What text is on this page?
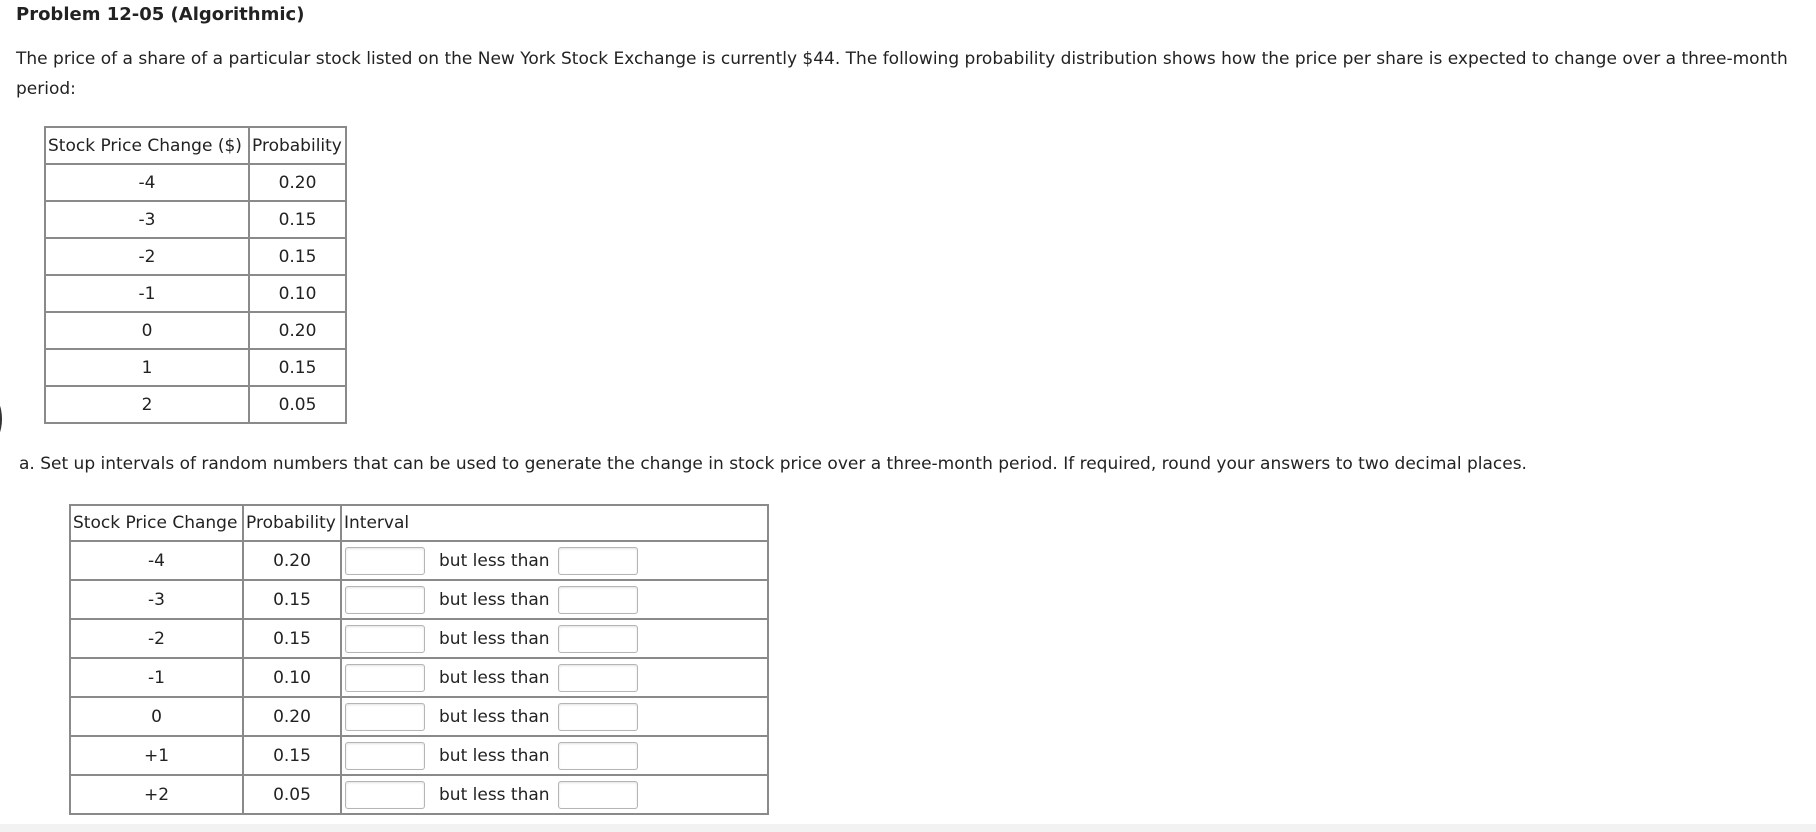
Problem 12-05 (Algorithmic)
The price of a share of a particular stock listed on the New York Stock Exchange is currently $44. The following probability distribution shows how the price per share is expected to change over a three-month period:
Stock Price Change ($)	Probability
-4	0.20
-3	0.15
-2	0.15
-1	0.10
0	0.20
1	0.15
2	0.05
a. Set up intervals of random numbers that can be used to generate the change in stock price over a three-month period. If required, round your answers to two decimal places.
Stock Price Change	Probability	Interval
-4	0.20	but less than

-3	0.15	but less than

-2	0.15	but less than

-1	0.10	but less than

0	0.20	but less than

+1	0.15	but less than

+2	0.05	but less than
